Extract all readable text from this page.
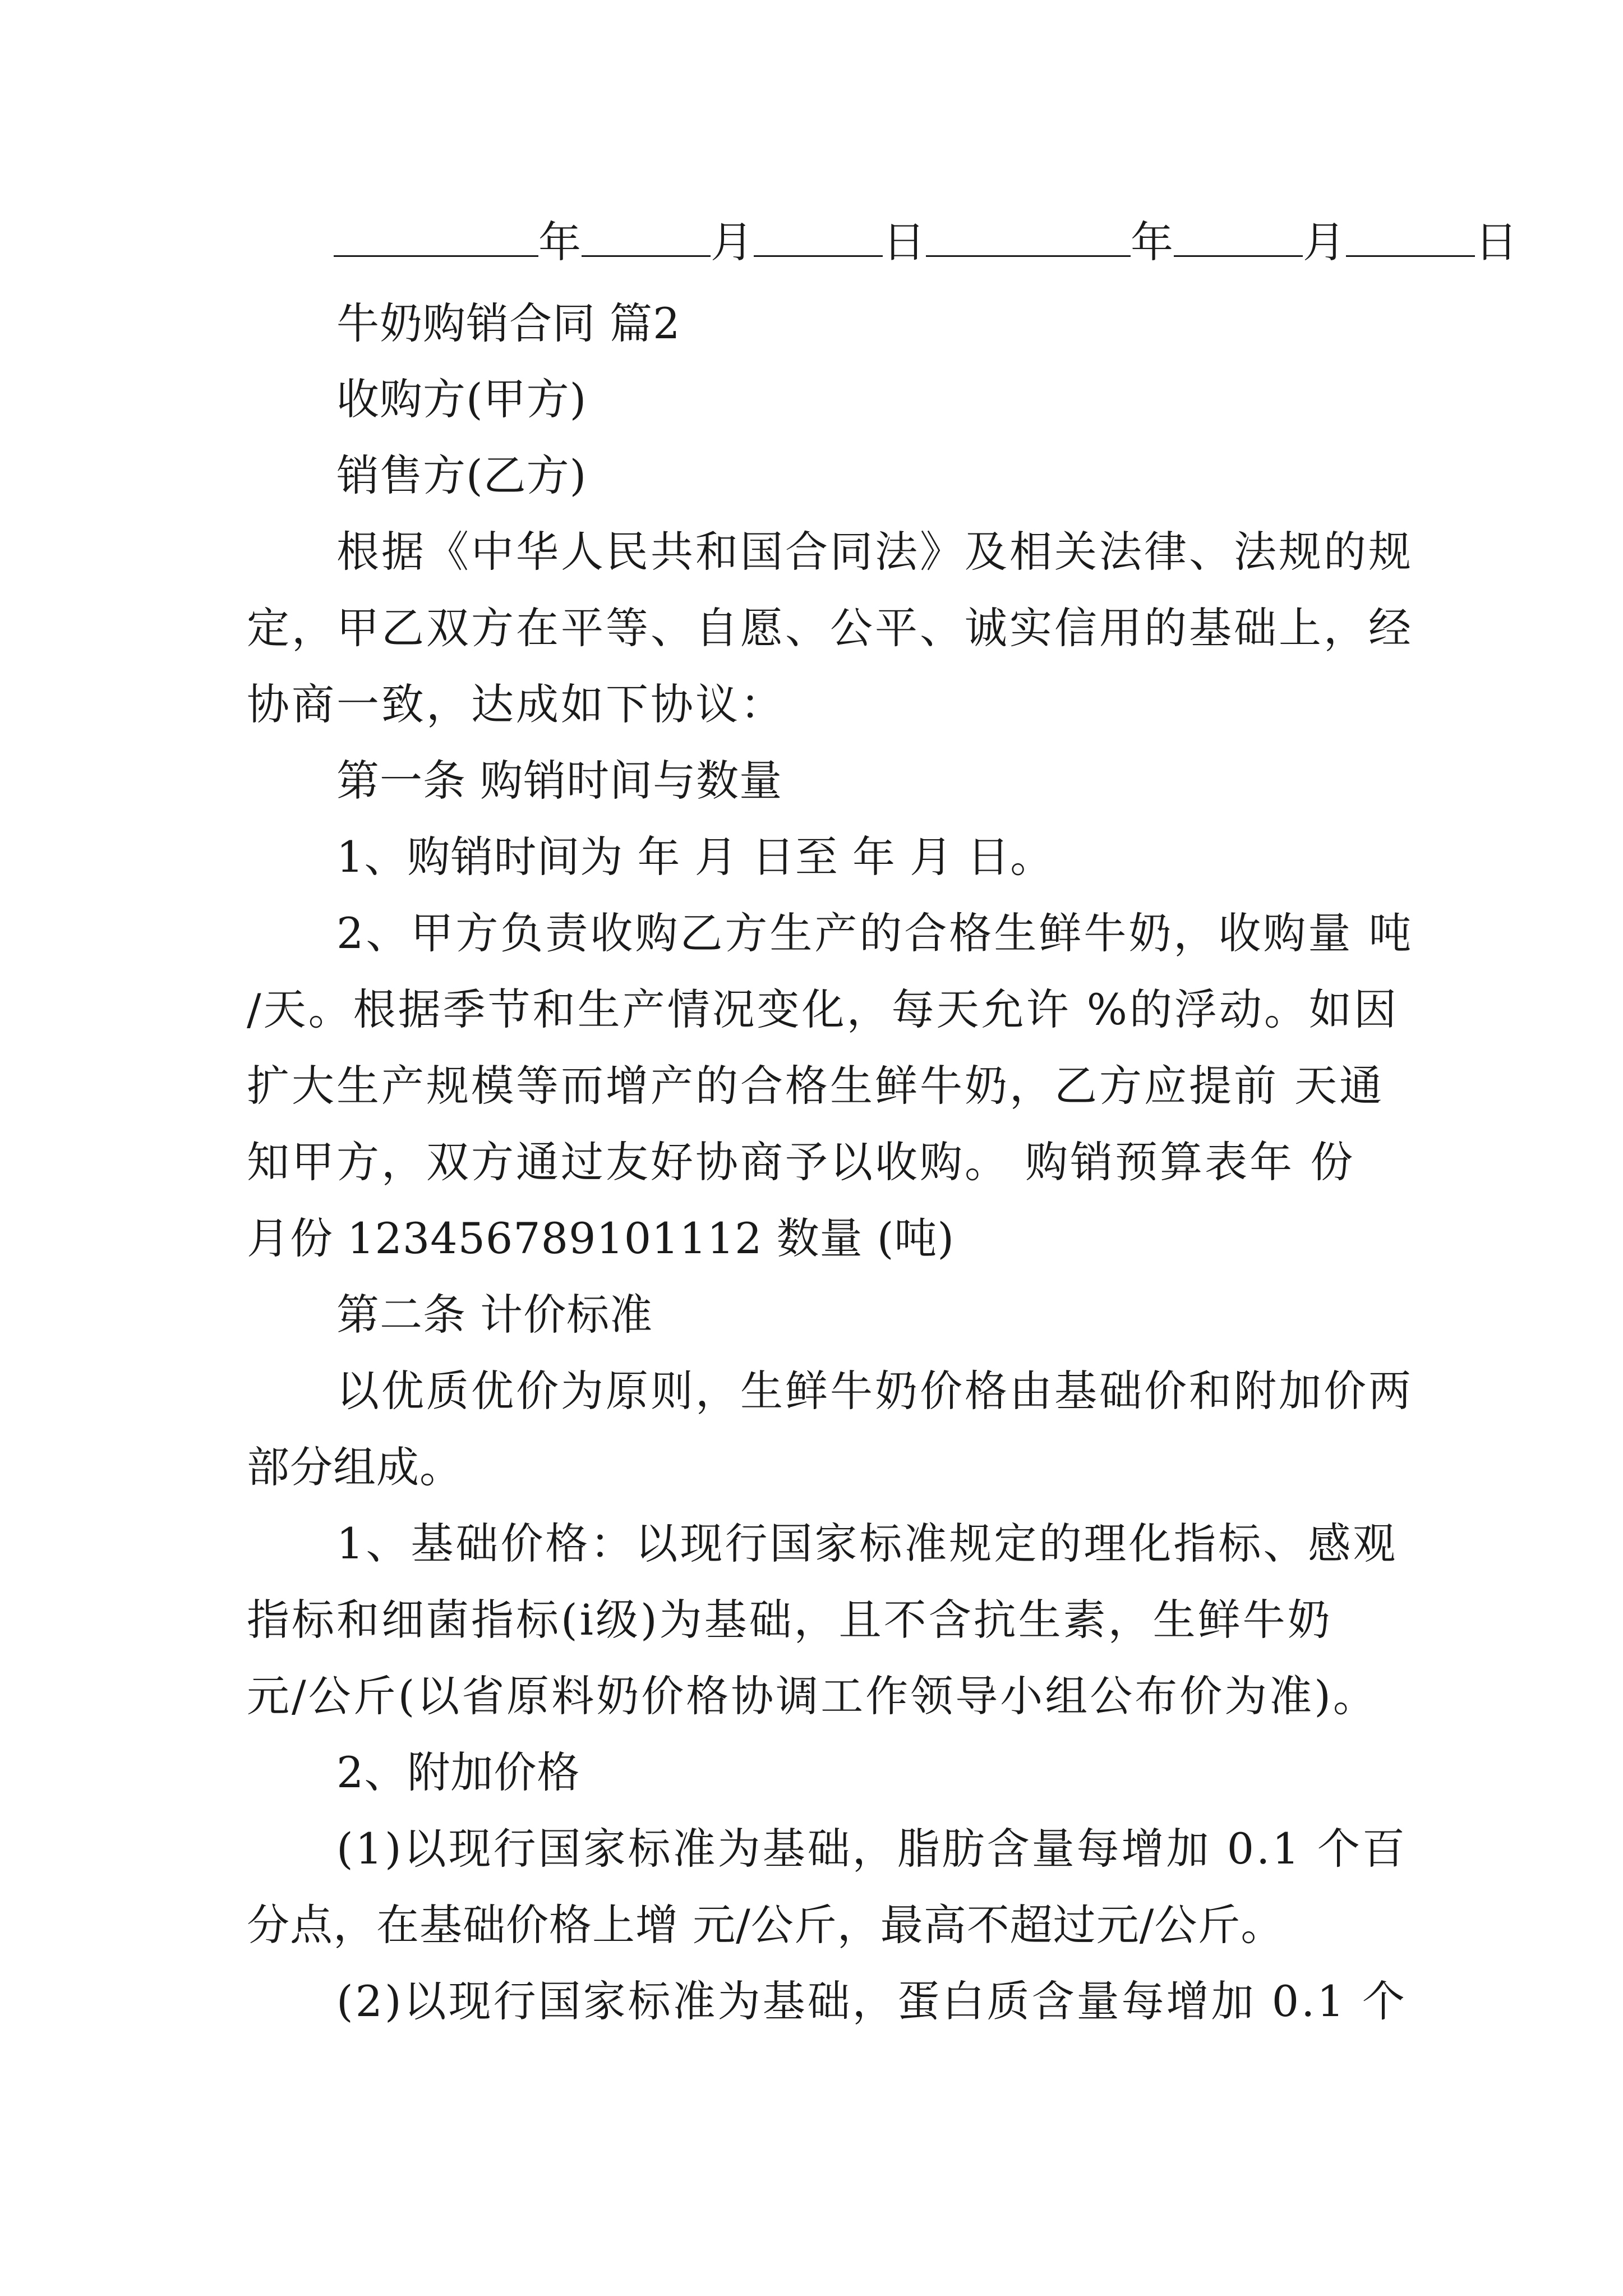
年	月	日	年	月	日
牛奶购销合同 篇2
收购方(甲方)
销售方(乙方)
根据《中华人民共和国合同法》及相关法律、法规的规
定，甲乙双方在平等、自愿、公平、诚实信用的基础上，经
协商一致，达成如下协议：
第一条 购销时间与数量
1、购销时间为 年 月 日至 年 月 日。
2、甲方负责收购乙方生产的合格生鲜牛奶，收购量 吨
/天。根据季节和生产情况变化，每天允许 %的浮动。如因
扩大生产规模等而增产的合格生鲜牛奶，乙方应提前 天通
知甲方，双方通过友好协商予以收购。 购销预算表年 份
月份 123456789101112 数量 (吨)
第二条 计价标准
以优质优价为原则，生鲜牛奶价格由基础价和附加价两
部分组成。
1、基础价格：以现行国家标准规定的理化指标、感观
指标和细菌指标(ⅰ级)为基础，且不含抗生素，生鲜牛奶
元/公斤(以省原料奶价格协调工作领导小组公布价为准)。
2、附加价格
(1)以现行国家标准为基础，脂肪含量每增加 0.1 个百
分点，在基础价格上增 元/公斤，最高不超过元/公斤。
(2)以现行国家标准为基础，蛋白质含量每增加 0.1 个
